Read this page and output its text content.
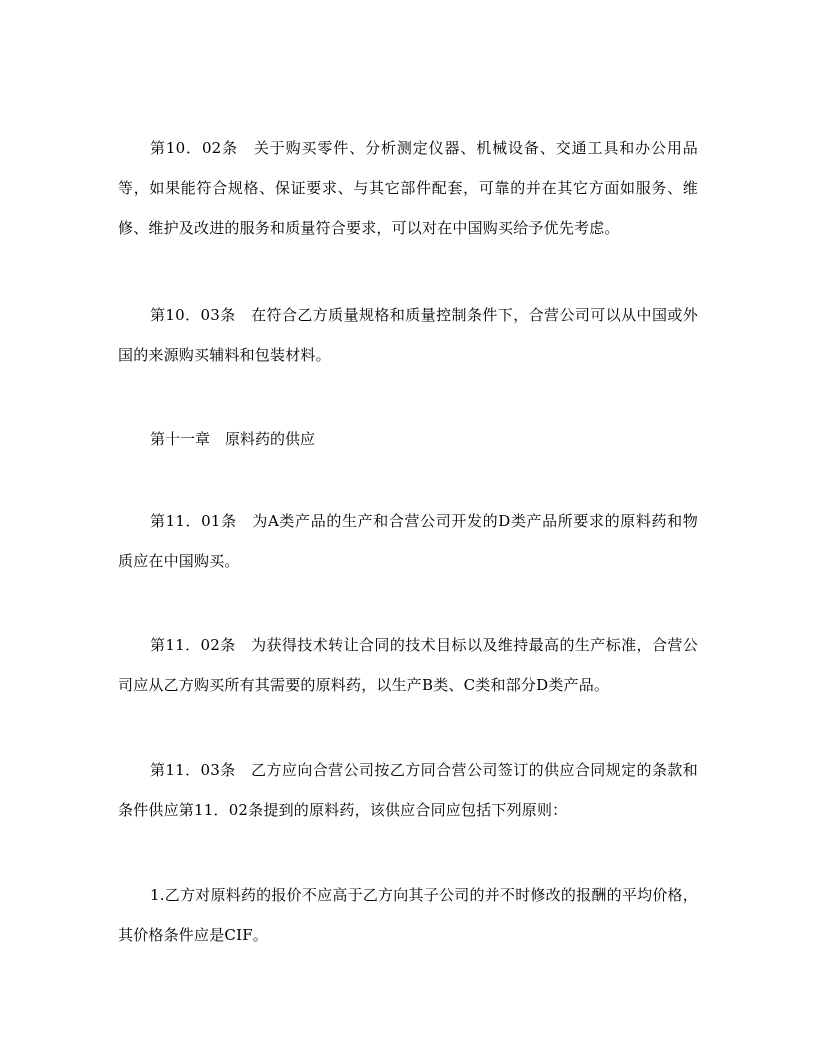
第10．02条　关于购买零件、分析测定仪器、机械设备、交通工具和办公用品等，如果能符合规格、保证要求、与其它部件配套，可靠的并在其它方面如服务、维修、维护及改进的服务和质量符合要求，可以对在中国购买给予优先考虑。

第10．03条　在符合乙方质量规格和质量控制条件下，合营公司可以从中国或外国的来源购买辅料和包装材料。

第十一章　原料药的供应

第11．01条　为A类产品的生产和合营公司开发的D类产品所要求的原料药和物质应在中国购买。

第11．02条　为获得技术转让合同的技术目标以及维持最高的生产标准，合营公司应从乙方购买所有其需要的原料药，以生产B类、C类和部分D类产品。

第11．03条　乙方应向合营公司按乙方同合营公司签订的供应合同规定的条款和条件供应第11．02条提到的原料药，该供应合同应包括下列原则：

1.乙方对原料药的报价不应高于乙方向其子公司的并不时修改的报酬的平均价格，其价格条件应是CIF。
